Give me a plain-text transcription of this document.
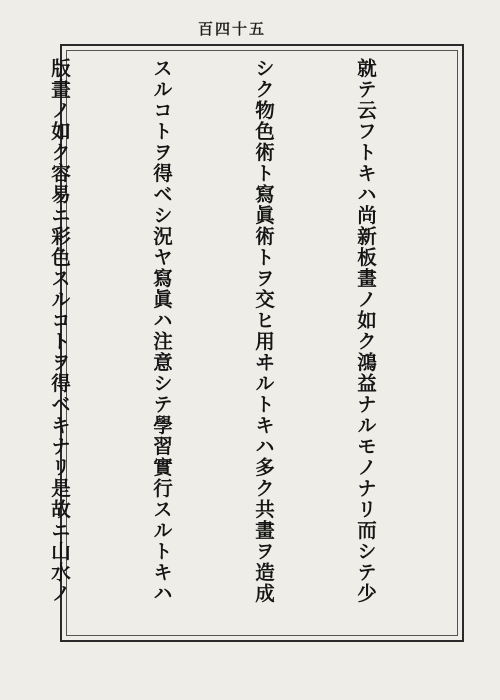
百四十五

就テ云フトキハ尚新板畫ノ如ク鴻益ナルモノナリ而シテ少

シク物色術ト寫眞術トヲ交ヒ用ヰルトキハ多ク共畫ヲ造成

スルコトヲ得ベシ況ヤ寫眞ハ注意シテ學習實行スルトキハ

版畫ノ如ク容易ニ彩色スルコトヲ得ベキナリ是故ニ山水ノ
